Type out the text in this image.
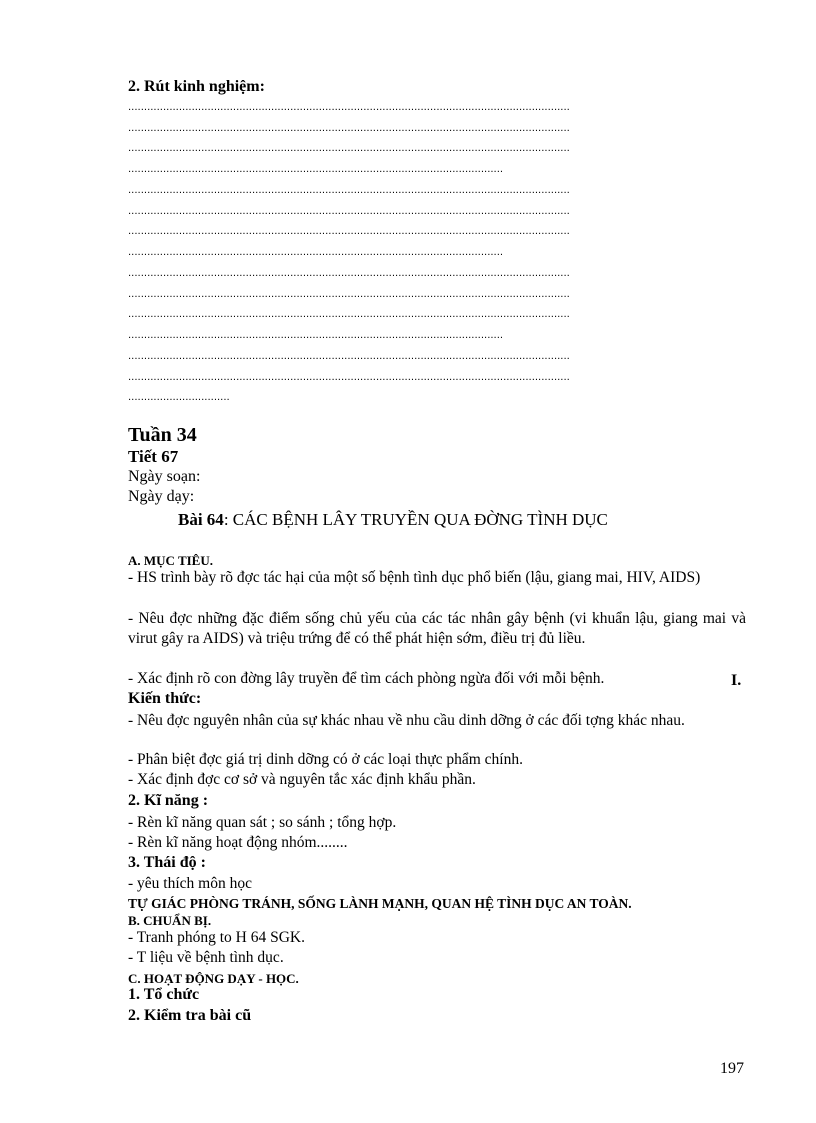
2. Rút kinh nghiệm:
...........................................................................................................................................
...........................................................................................................................................
...........................................................................................................................................
......................................................................................................................
...........................................................................................................................................
...........................................................................................................................................
...........................................................................................................................................
......................................................................................................................
...........................................................................................................................................
...........................................................................................................................................
...........................................................................................................................................
......................................................................................................................
...........................................................................................................................................
...........................................................................................................................................
................................
Tuần 34
Tiết 67
Ngày soạn:
Ngày dạy:
Bài 64: CÁC BỆNH LÂY TRUYỀN QUA ĐỜNG TÌNH DỤC
A. MỤC TIÊU.
- HS trình bày rõ đợc tác hại của một số bệnh tình dục phổ biến (lậu, giang mai, HIV, AIDS)
- Nêu đợc những đặc điểm sống chủ yếu của các tác nhân gây bệnh (vi khuẩn lậu, giang mai và virut gây ra AIDS) và triệu trứng để có thể phát hiện sớm, điều trị đủ liều.
- Xác định rõ con đờng lây truyền để tìm cách phòng ngừa đối với mỗi bệnh.	I.
Kiến thức:
- Nêu đợc nguyên nhân của sự khác nhau về nhu cầu dinh dỡng ở các đối tợng khác nhau.
- Phân biệt đợc giá trị dinh dỡng có ở các loại thực phẩm chính.
- Xác định đợc cơ sở và nguyên tắc xác định khẩu phần.
2. Kĩ năng :
- Rèn kĩ năng quan sát ; so sánh ; tổng hợp.
- Rèn kĩ năng hoạt động nhóm........
3. Thái độ :
- yêu thích môn học
TỰ GIÁC PHÒNG TRÁNH, SỐNG LÀNH MẠNH, QUAN HỆ TÌNH DỤC AN TOÀN.
B. CHUẨN BỊ.
- Tranh phóng to H 64 SGK.
- T liệu về bệnh tình dục.
C. HOẠT ĐỘNG DẠY - HỌC.
1. Tổ chức
2. Kiểm tra bài cũ
197
